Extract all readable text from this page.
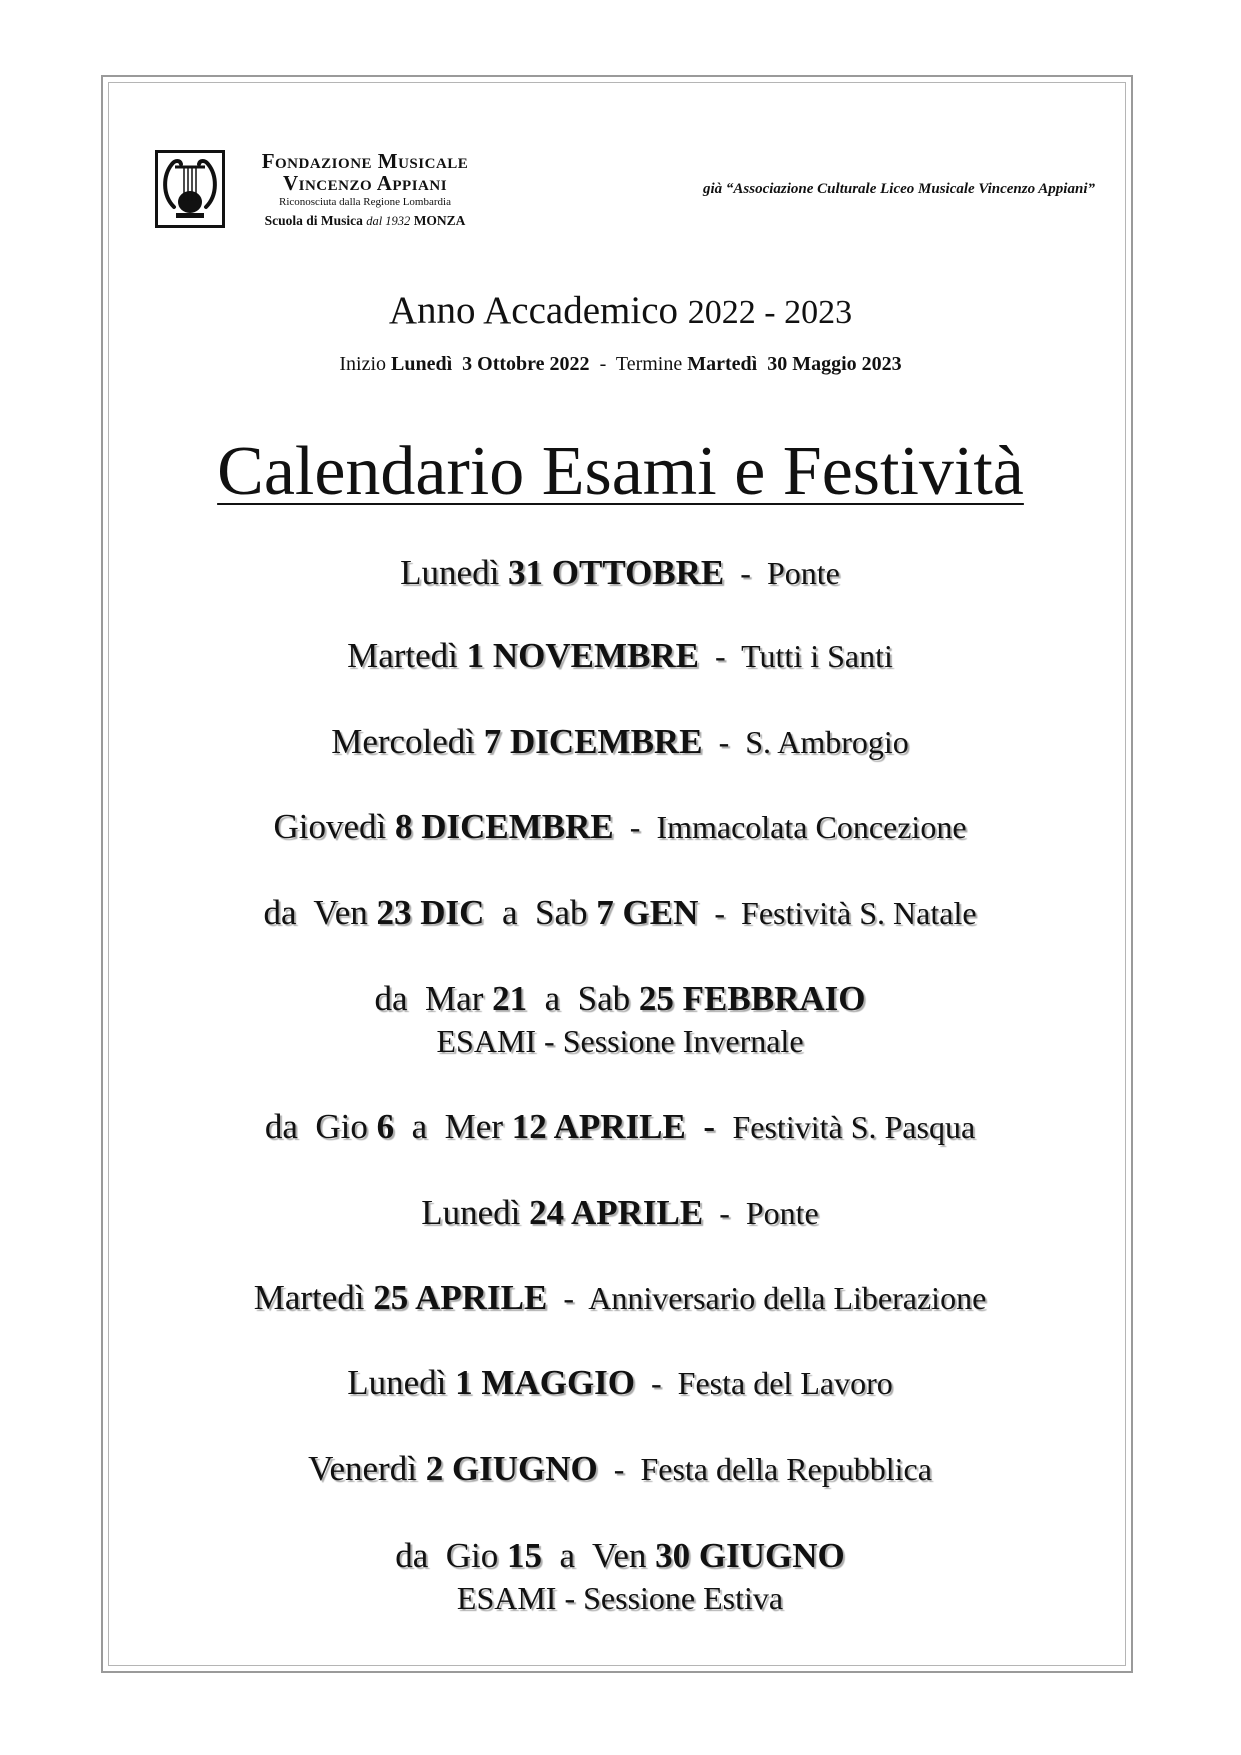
Fondazione Musicale
Vincenzo Appiani
Riconosciuta dalla Regione Lombardia
Scuola di Musica dal 1932 MONZA
già “Associazione Culturale Liceo Musicale Vincenzo Appiani”
Anno Accademico 2022 - 2023
Inizio Lunedì  3 Ottobre 2022  -  Termine Martedì  30 Maggio 2023
Calendario Esami e Festività
Lunedì 31 OTTOBRE  -  Ponte
Martedì 1 NOVEMBRE  -  Tutti i Santi
Mercoledì 7 DICEMBRE  -  S. Ambrogio
Giovedì 8 DICEMBRE  -  Immacolata Concezione
da  Ven 23 DIC  a  Sab 7 GEN  -  Festività S. Natale
da  Mar 21  a  Sab 25 FEBBRAIO
ESAMI - Sessione Invernale
da  Gio 6  a  Mer 12 APRILE  -  Festività S. Pasqua
Lunedì 24 APRILE  -  Ponte
Martedì 25 APRILE  -  Anniversario della Liberazione
Lunedì 1 MAGGIO  -  Festa del Lavoro
Venerdì 2 GIUGNO  -  Festa della Repubblica
da  Gio 15  a  Ven 30 GIUGNO
ESAMI - Sessione Estiva
